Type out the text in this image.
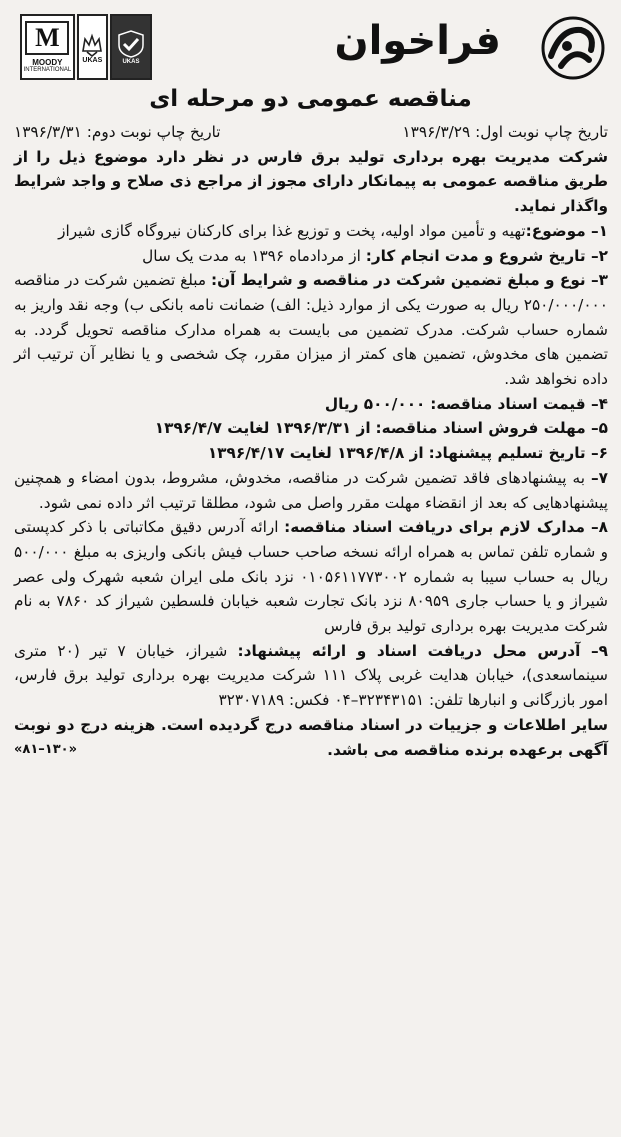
M
MOODY
INTERNATIONAL
UKAS	UKAS	فراخوان
مناقصه عمومی دو مرحله ای
تاریخ چاپ نوبت اول: ۱۳۹۶/۳/۲۹
تاریخ چاپ نوبت دوم: ۱۳۹۶/۳/۳۱

شرکت مدیریت بهره برداری تولید برق فارس در نظر دارد موضوع ذیل را از طریق مناقصه عمومی به پیمانکار دارای مجوز از مراجع ذی صلاح و واجد شرایط واگذار نماید.

۱– موضوع:تهیه و تأمین مواد اولیه، پخت و توزیع غذا برای کارکنان نیروگاه گازی شیراز

۲– تاریخ شروع و مدت انجام کار: از مردادماه ۱۳۹۶ به مدت یک سال

۳– نوع و مبلغ تضمین شرکت در مناقصه و شرایط آن: مبلغ تضمین شرکت در مناقصه ۲۵۰/۰۰۰/۰۰۰ ریال به صورت یکی از موارد ذیل: الف) ضمانت نامه بانکی ب) وجه نقد واریز به شماره حساب شرکت. مدرک تضمین می بایست به همراه مدارک مناقصه تحویل گردد. به تضمین های مخدوش، تضمین های کمتر از میزان مقرر، چک شخصی و یا نظایر آن ترتیب اثر داده نخواهد شد.

۴– قیمت اسناد مناقصه: ۵۰۰/۰۰۰ ریال

۵– مهلت فروش اسناد مناقصه: از ۱۳۹۶/۳/۳۱ لغایت ۱۳۹۶/۴/۷

۶– تاریخ تسلیم پیشنهاد: از ۱۳۹۶/۴/۸ لغایت ۱۳۹۶/۴/۱۷

۷– به پیشنهادهای فاقد تضمین شرکت در مناقصه، مخدوش، مشروط، بدون امضاء و همچنین پیشنهادهایی که بعد از انقضاء مهلت مقرر واصل می شود، مطلقا ترتیب اثر داده نمی شود.

۸– مدارک لازم برای دریافت اسناد مناقصه: ارائه آدرس دقیق مکاتباتی با ذکر کدپستی و شماره تلفن تماس به همراه ارائه نسخه صاحب حساب فیش بانکی واریزی به مبلغ ۵۰۰/۰۰۰ ریال به حساب سیبا به شماره ۰۱۰۵۶۱۱۷۷۳۰۰۲ نزد بانک ملی ایران شعبه شهرک ولی عصر شیراز و یا حساب جاری ۸۰۹۵۹ نزد بانک تجارت شعبه خیابان فلسطین شیراز کد ۷۸۶۰ به نام شرکت مدیریت بهره برداری تولید برق فارس

۹– آدرس محل دریافت اسناد و ارائه پیشنهاد: شیراز، خیابان ۷ تیر (۲۰ متری سینماسعدی)، خیابان هدایت غربی پلاک ۱۱۱ شرکت مدیریت بهره برداری تولید برق فارس، امور بازرگانی و انبارها تلفن: ۳۲۳۴۳۱۵۱–۰۴ فکس: ۳۲۳۰۷۱۸۹

سایر اطلاعات و جزییات در اسناد مناقصه درج گردیده است. هزینه درج دو نوبت آگهی برعهده برنده مناقصه می باشد.
«۸۱–۱۳۰»
